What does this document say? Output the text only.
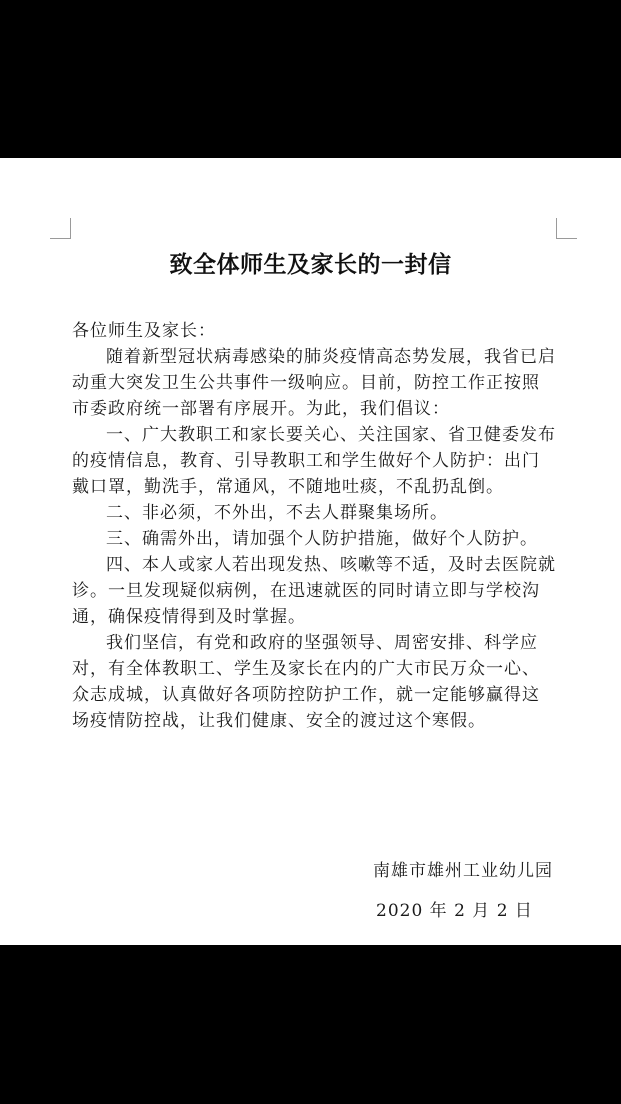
致全体师生及家长的一封信

各位师生及家长：

随着新型冠状病毒感染的肺炎疫情高态势发展，我省已启动重大突发卫生公共事件一级响应。目前，防控工作正按照市委政府统一部署有序展开。为此，我们倡议：

一、广大教职工和家长要关心、关注国家、省卫健委发布的疫情信息，教育、引导教职工和学生做好个人防护：出门戴口罩，勤洗手，常通风，不随地吐痰，不乱扔乱倒。

二、非必须，不外出，不去人群聚集场所。

三、确需外出，请加强个人防护措施，做好个人防护。

四、本人或家人若出现发热、咳嗽等不适，及时去医院就诊。一旦发现疑似病例，在迅速就医的同时请立即与学校沟通，确保疫情得到及时掌握。

我们坚信，有党和政府的坚强领导、周密安排、科学应对，有全体教职工、学生及家长在内的广大市民万众一心、众志成城，认真做好各项防控防护工作，就一定能够赢得这场疫情防控战，让我们健康、安全的渡过这个寒假。

南雄市雄州工业幼儿园
2020 年 2 月 2 日
